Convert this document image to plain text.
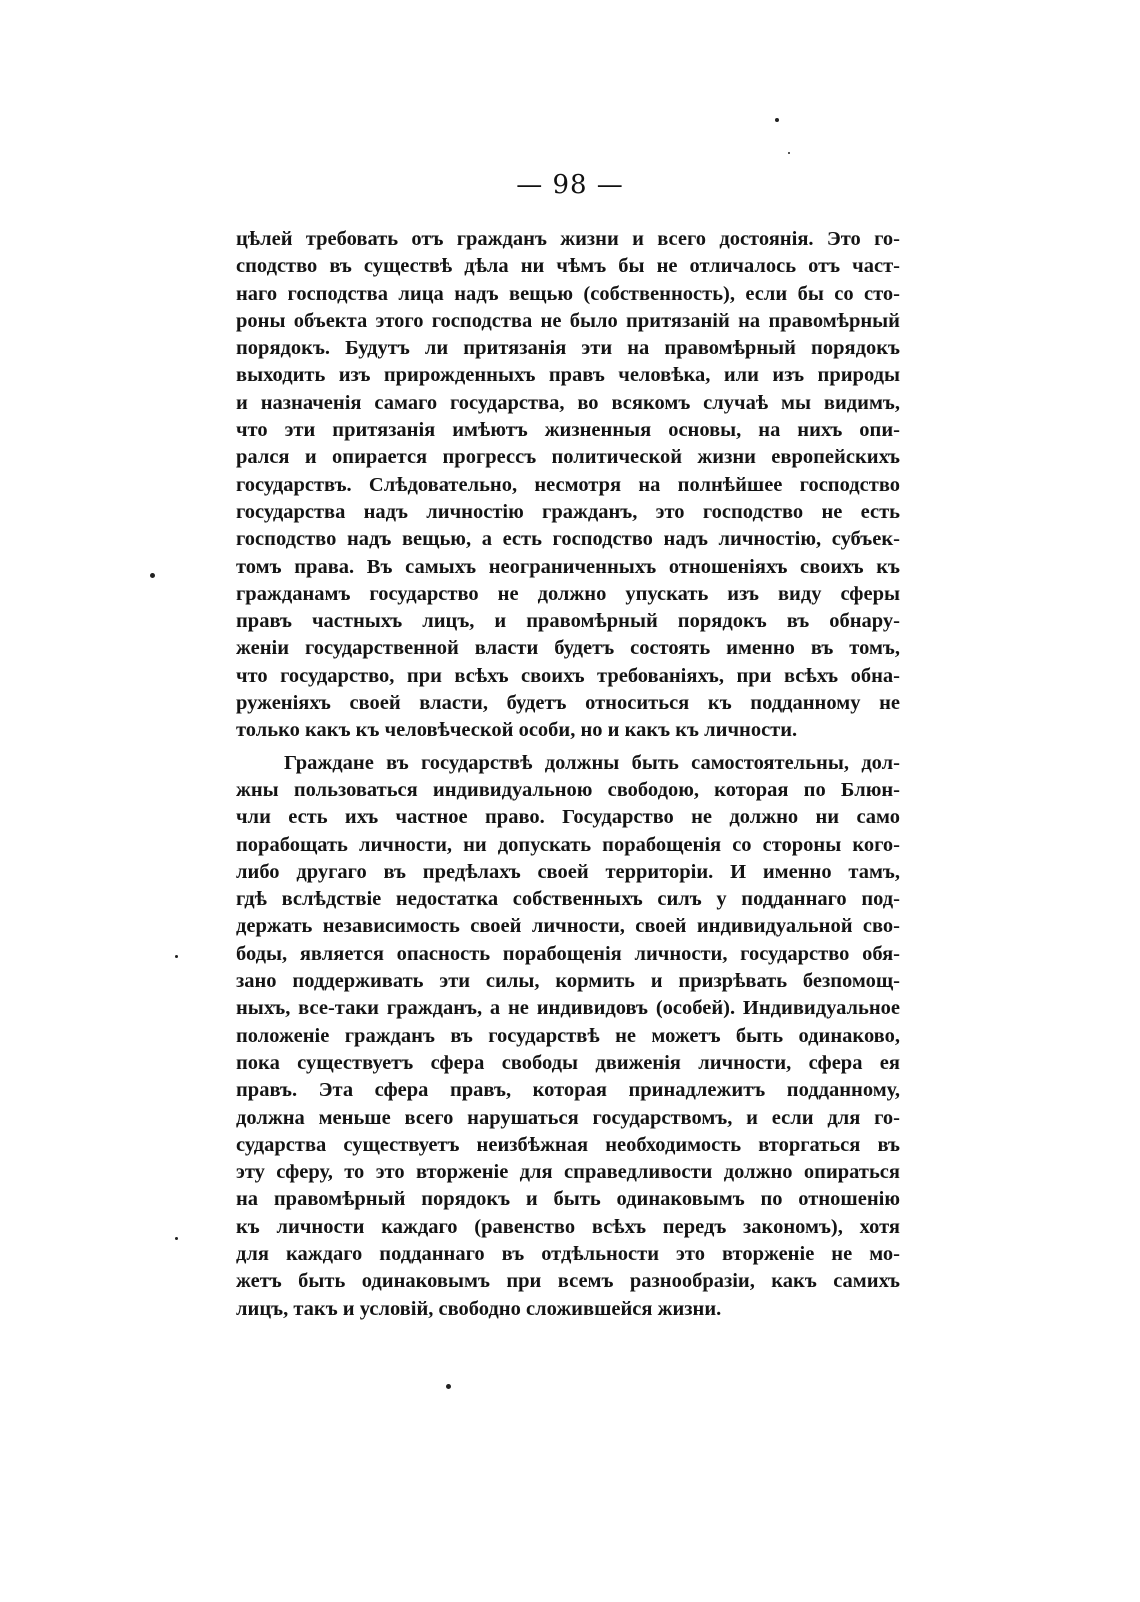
— 98 —
цѣлей требовать отъ гражданъ жизни и всего достоянія. Это го-
сподство въ существѣ дѣла ни чѣмъ бы не отличалось отъ част-
наго господства лица надъ вещью (собственность), если бы со сто-
роны объекта этого господства не было притязаній на правомѣрный
порядокъ. Будутъ ли притязанія эти на правомѣрный порядокъ
выходить изъ прирожденныхъ правъ человѣка, или изъ природы
и назначенія самаго государства, во всякомъ случаѣ мы видимъ,
что эти притязанія имѣютъ жизненныя основы, на нихъ опи-
рался и опирается прогрессъ политической жизни европейскихъ
государствъ. Слѣдовательно, несмотря на полнѣйшее господство
государства надъ личностію гражданъ, это господство не есть
господство надъ вещью, а есть господство надъ личностію, субъек-
томъ права. Въ самыхъ неограниченныхъ отношеніяхъ своихъ къ
гражданамъ государство не должно упускать изъ виду сферы
правъ частныхъ лицъ, и правомѣрный порядокъ въ обнару-
женіи государственной власти будетъ состоять именно въ томъ,
что государство, при всѣхъ своихъ требованіяхъ, при всѣхъ обна-
руженіяхъ своей власти, будетъ относиться къ подданному не
только какъ къ человѣческой особи, но и какъ къ личности.
Граждане въ государствѣ должны быть самостоятельны, дол-
жны пользоваться индивидуальною свободою, которая по Блюн-
чли есть ихъ частное право. Государство не должно ни само
порабощать личности, ни допускать порабощенія со стороны кого-
либо другаго въ предѣлахъ своей территоріи. И именно тамъ,
гдѣ вслѣдствіе недостатка собственныхъ силъ у подданнаго под-
держать независимость своей личности, своей индивидуальной сво-
боды, является опасность порабощенія личности, государство обя-
зано поддерживать эти силы, кормить и призрѣвать безпомощ-
ныхъ, все-таки гражданъ, а не индивидовъ (особей). Индивидуальное
положеніе гражданъ въ государствѣ не можетъ быть одинаково,
пока существуетъ сфера свободы движенія личности, сфера ея
правъ. Эта сфера правъ, которая принадлежитъ подданному,
должна меньше всего нарушаться государствомъ, и если для го-
сударства существуетъ неизбѣжная необходимость вторгаться въ
эту сферу, то это вторженіе для справедливости должно опираться
на правомѣрный порядокъ и быть одинаковымъ по отношенію
къ личности каждаго (равенство всѣхъ передъ закономъ), хотя
для каждаго подданнаго въ отдѣльности это вторженіе не мо-
жетъ быть одинаковымъ при всемъ разнообразіи, какъ самихъ
лицъ, такъ и условій, свободно сложившейся жизни.
